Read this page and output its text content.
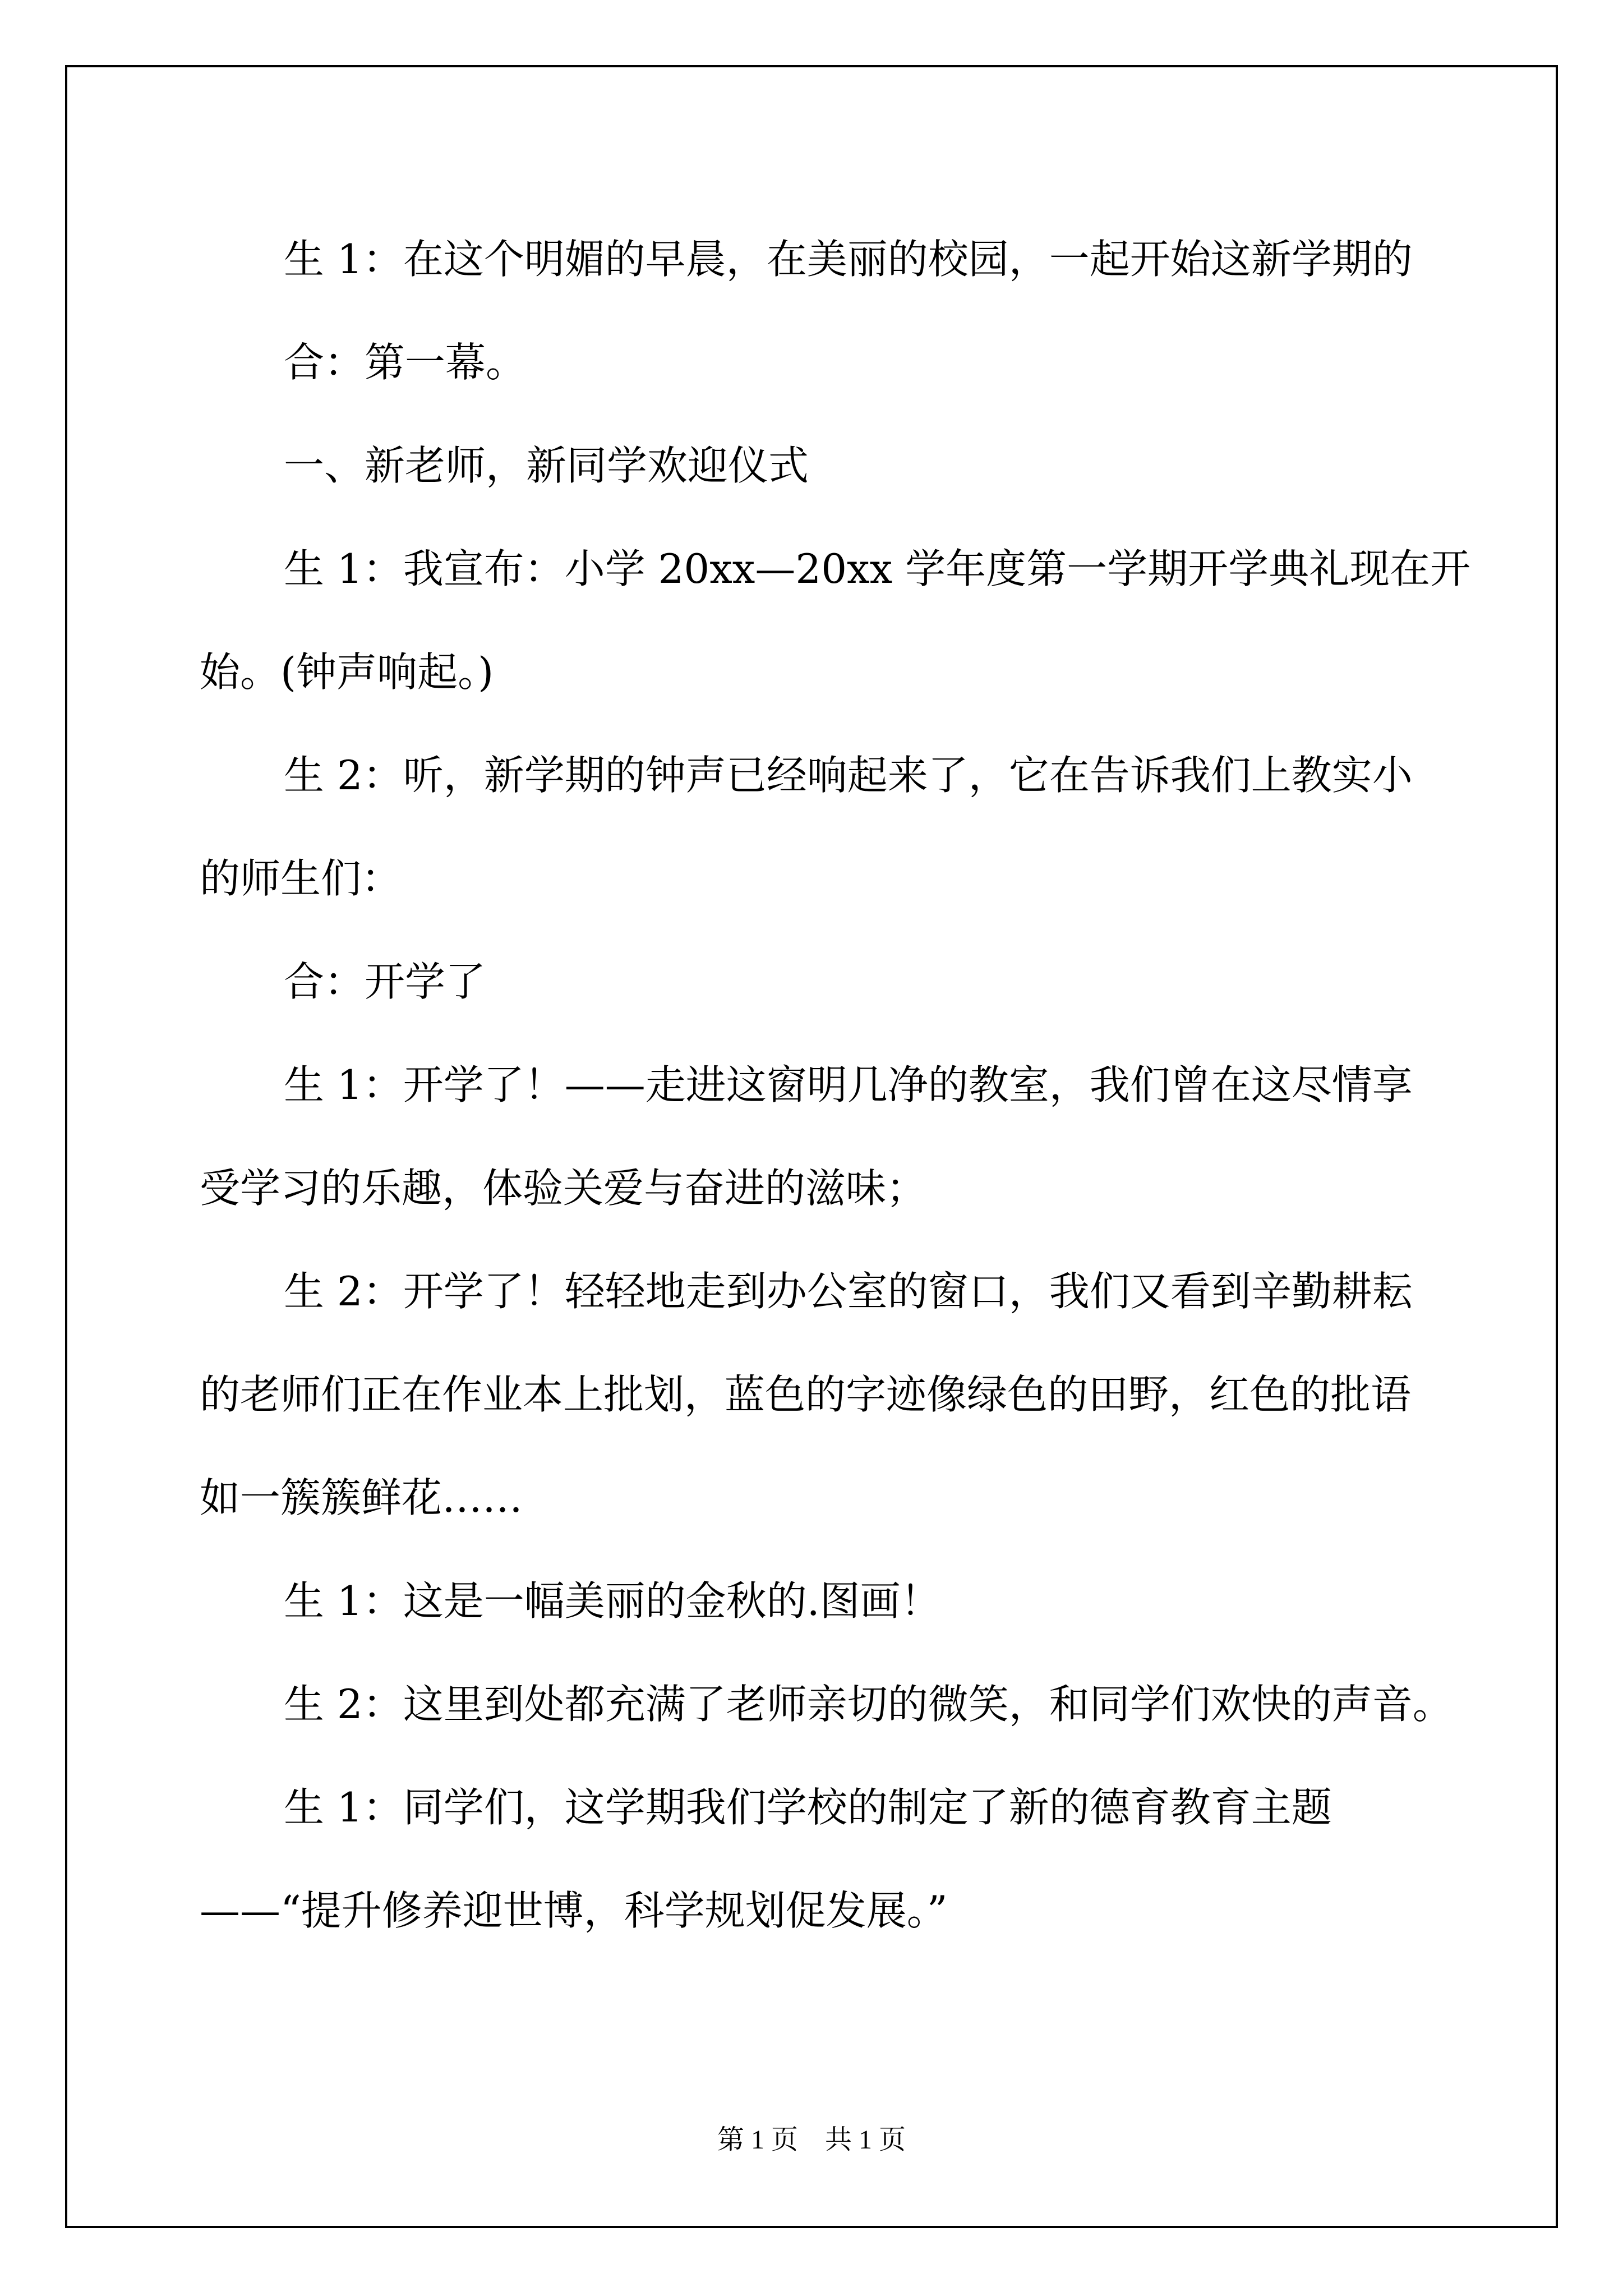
生 1：在这个明媚的早晨，在美丽的校园，一起开始这新学期的
合：第一幕。
一、新老师，新同学欢迎仪式
生 1：我宣布：小学 20xx—20xx 学年度第一学期开学典礼现在开
始。(钟声响起。)
生 2：听，新学期的钟声已经响起来了，它在告诉我们上教实小
的师生们：
合：开学了
生 1：开学了！——走进这窗明几净的教室，我们曾在这尽情享
受学习的乐趣，体验关爱与奋进的滋味；
生 2：开学了！轻轻地走到办公室的窗口，我们又看到辛勤耕耘
的老师们正在作业本上批划，蓝色的字迹像绿色的田野，红色的批语
如一簇簇鲜花……
生 1：这是一幅美丽的金秋的.图画！
生 2：这里到处都充满了老师亲切的微笑，和同学们欢快的声音。
生 1：同学们，这学期我们学校的制定了新的德育教育主题
——“提升修养迎世博，科学规划促发展。”
第 1 页 共 1 页
